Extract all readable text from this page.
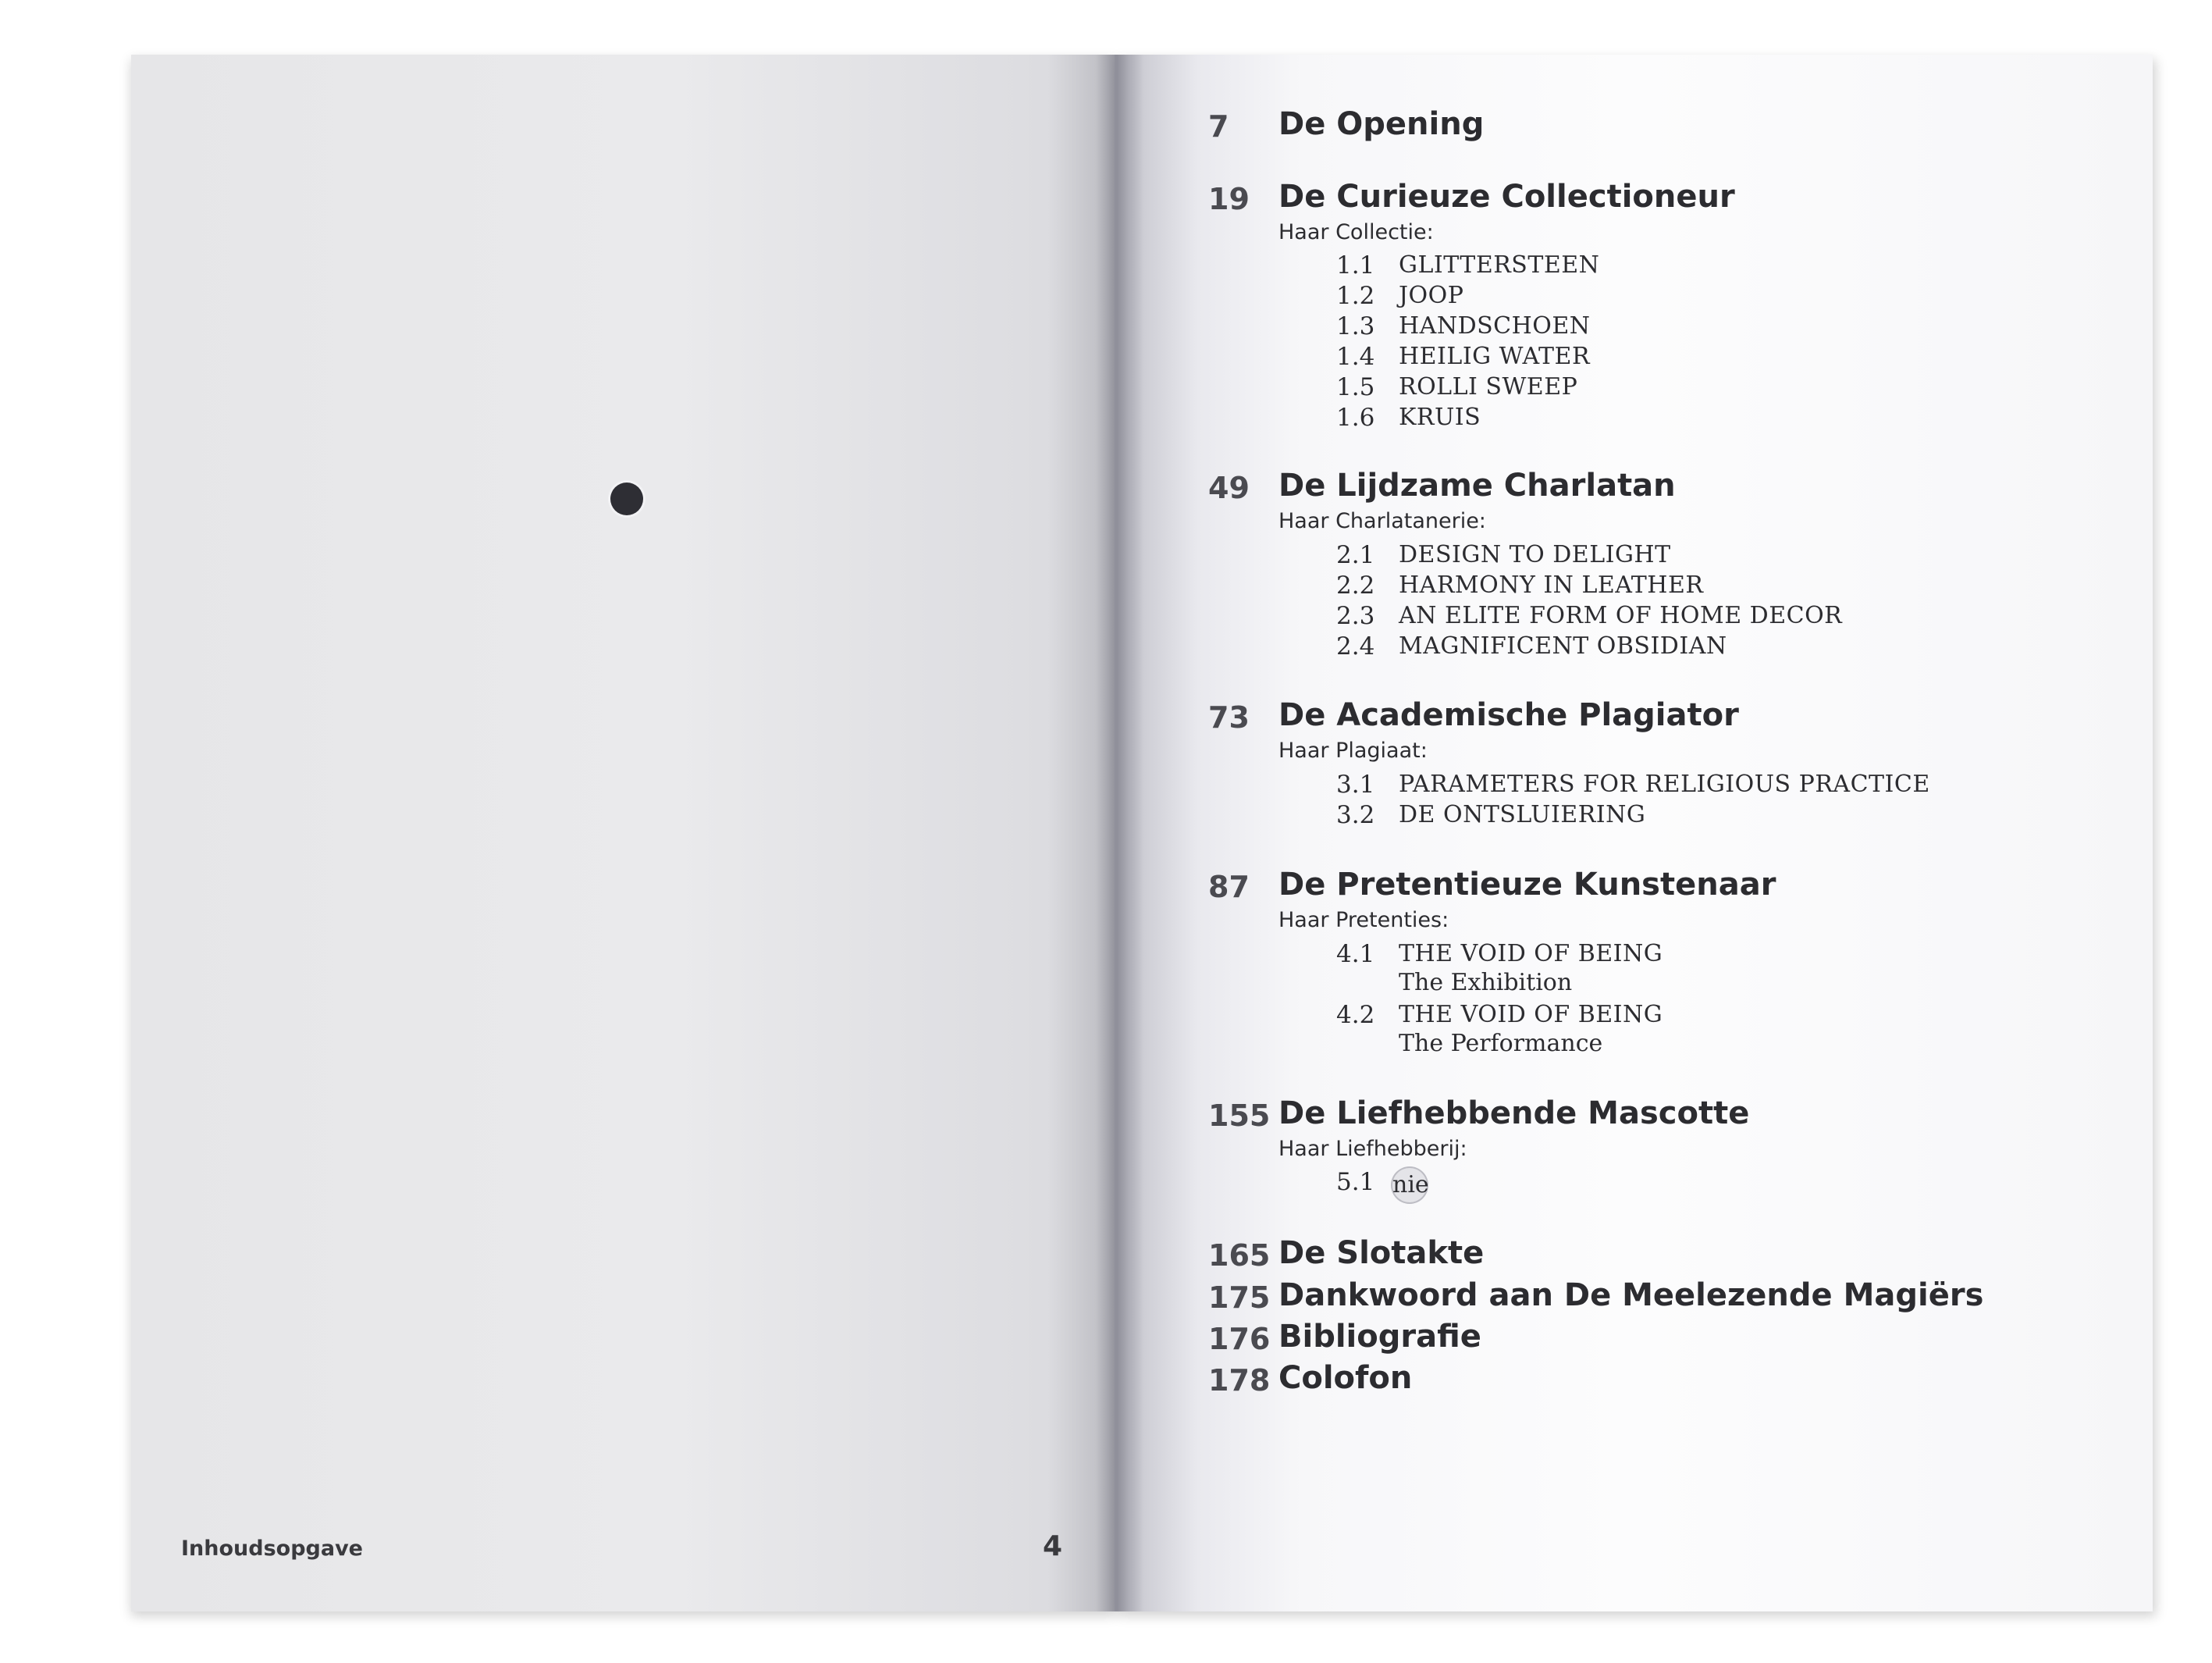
Inhoudsopgave	4
7 De Opening
19 De Curieuze Collectioneur
Haar Collectie:
1.1 GLITTERSTEEN
1.2 JOOP
1.3 HANDSCHOEN
1.4 HEILIG WATER
1.5 ROLLI SWEEP
1.6 KRUIS
49 De Lijdzame Charlatan
Haar Charlatanerie:
2.1 DESIGN TO DELIGHT
2.2 HARMONY IN LEATHER
2.3 AN ELITE FORM OF HOME DECOR
2.4 MAGNIFICENT OBSIDIAN
73 De Academische Plagiator
Haar Plagiaat:
3.1 PARAMETERS FOR RELIGIOUS PRACTICE
3.2 DE ONTSLUIERING
87 De Pretentieuze Kunstenaar
Haar Pretenties:
4.1 THE VOID OF BEING
The Exhibition
4.2 THE VOID OF BEING
The Performance
155 De Liefhebbende Mascotte
Haar Liefhebberij:
5.1 nie
165 De Slotakte
175 Dankwoord aan De Meelezende Magiërs
176 Bibliografie
178 Colofon
